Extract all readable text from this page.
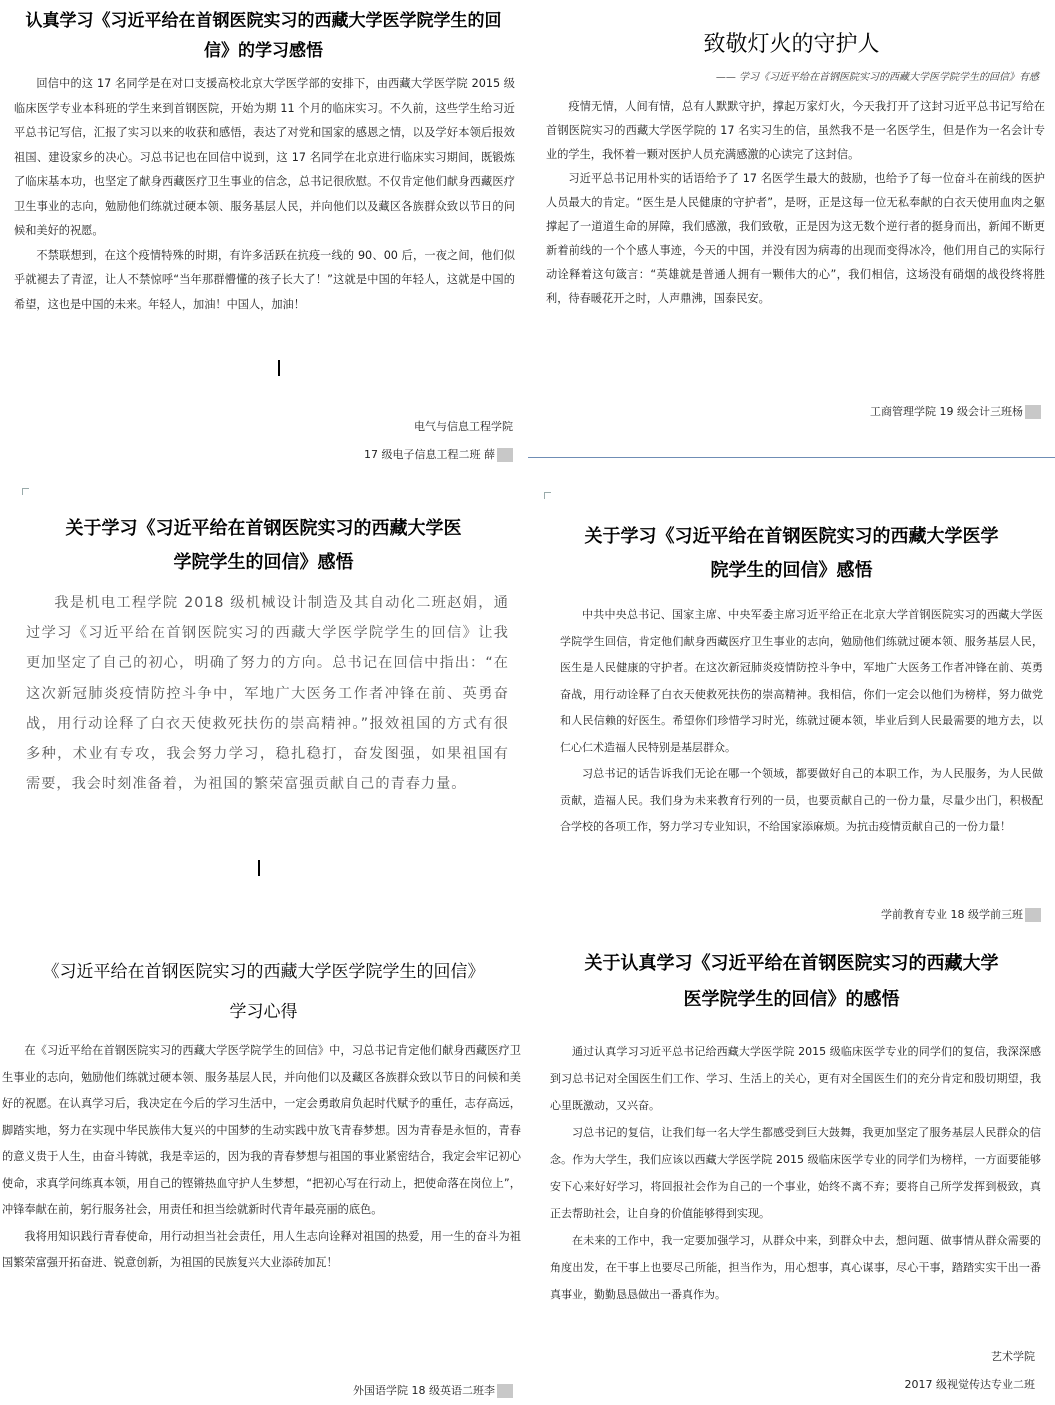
认真学习《习近平给在首钢医院实习的西藏大学医学院学生的回
信》的学习感悟

回信中的这 17 名同学是在对口支援高校北京大学医学部的安排下，由西藏大学医学院 2015 级临床医学专业本科班的学生来到首钢医院，开始为期 11 个月的临床实习。不久前，这些学生给习近平总书记写信，汇报了实习以来的收获和感悟，表达了对党和国家的感恩之情，以及学好本领后报效祖国、建设家乡的决心。习总书记也在回信中说到，这 17 名同学在北京进行临床实习期间，既锻炼了临床基本功，也坚定了献身西藏医疗卫生事业的信念，总书记很欣慰。不仅肯定他们献身西藏医疗卫生事业的志向，勉励他们练就过硬本领、服务基层人民，并向他们以及藏区各族群众致以节日的问候和美好的祝愿。

不禁联想到，在这个疫情特殊的时期，有许多活跃在抗疫一线的 90、00 后，一夜之间，他们似乎就褪去了青涩，让人不禁惊呼“当年那群懵懂的孩子长大了！”这就是中国的年轻人，这就是中国的希望，这也是中国的未来。年轻人，加油！中国人，加油！

电气与信息工程学院
17 级电子信息工程二班 薛
致敬灯火的守护人
—— 学习《习近平给在首钢医院实习的西藏大学医学院学生的回信》有感

疫情无情，人间有情，总有人默默守护，撑起万家灯火，今天我打开了这封习近平总书记写给在首钢医院实习的西藏大学医学院的 17 名实习生的信，虽然我不是一名医学生，但是作为一名会计专业的学生，我怀着一颗对医护人员充满感激的心读完了这封信。

习近平总书记用朴实的话语给予了 17 名医学生最大的鼓励，也给予了每一位奋斗在前线的医护人员最大的肯定。“医生是人民健康的守护者”，是呀，正是这每一位无私奉献的白衣天使用血肉之躯撑起了一道道生命的屏障，我们感激，我们致敬，正是因为这无数个逆行者的挺身而出，新闻不断更新着前线的一个个感人事迹，今天的中国，并没有因为病毒的出现而变得冰冷，他们用自己的实际行动诠释着这句箴言：“英雄就是普通人拥有一颗伟大的心”，我们相信，这场没有硝烟的战役终将胜利，待春暖花开之时，人声鼎沸，国泰民安。

工商管理学院 19 级会计三班杨
关于学习《习近平给在首钢医院实习的西藏大学医
学院学生的回信》感悟

我是机电工程学院 2018 级机械设计制造及其自动化二班赵娟，通过学习《习近平给在首钢医院实习的西藏大学医学院学生的回信》让我更加坚定了自己的初心，明确了努力的方向。总书记在回信中指出：“在这次新冠肺炎疫情防控斗争中，军地广大医务工作者冲锋在前、英勇奋战，用行动诠释了白衣天使救死扶伤的崇高精神。”报效祖国的方式有很多种，术业有专攻，我会努力学习，稳扎稳打，奋发图强，如果祖国有需要，我会时刻准备着，为祖国的繁荣富强贡献自己的青春力量。

关于学习《习近平给在首钢医院实习的西藏大学医学
院学生的回信》感悟

中共中央总书记、国家主席、中央军委主席习近平给正在北京大学首钢医院实习的西藏大学医学院学生回信，肯定他们献身西藏医疗卫生事业的志向，勉励他们练就过硬本领、服务基层人民，医生是人民健康的守护者。在这次新冠肺炎疫情防控斗争中，军地广大医务工作者冲锋在前、英勇奋战，用行动诠释了白衣天使救死扶伤的崇高精神。我相信，你们一定会以他们为榜样，努力做党和人民信赖的好医生。希望你们珍惜学习时光，练就过硬本领，毕业后到人民最需要的地方去，以仁心仁术造福人民特别是基层群众。

习总书记的话告诉我们无论在哪一个领域，都要做好自己的本职工作，为人民服务，为人民做贡献，造福人民。我们身为未来教育行列的一员，也要贡献自己的一份力量，尽量少出门，积极配合学校的各项工作，努力学习专业知识，不给国家添麻烦。为抗击疫情贡献自己的一份力量！

学前教育专业 18 级学前三班
《习近平给在首钢医院实习的西藏大学医学院学生的回信》
学习心得

在《习近平给在首钢医院实习的西藏大学医学院学生的回信》中，习总书记肯定他们献身西藏医疗卫生事业的志向，勉励他们练就过硬本领、服务基层人民，并向他们以及藏区各族群众致以节日的问候和美好的祝愿。在认真学习后，我决定在今后的学习生活中，一定会勇敢肩负起时代赋予的重任，志存高远，脚踏实地，努力在实现中华民族伟大复兴的中国梦的生动实践中放飞青春梦想。因为青春是永恒的，青春的意义贵于人生，由奋斗铸就，我是幸运的，因为我的青春梦想与祖国的事业紧密结合，我定会牢记初心使命，求真学问练真本领，用自己的铿锵热血守护人生梦想，“把初心写在行动上，把使命落在岗位上”，冲锋奉献在前，躬行服务社会，用责任和担当绘就新时代青年最亮丽的底色。

我将用知识践行青春使命，用行动担当社会责任，用人生志向诠释对祖国的热爱，用一生的奋斗为祖国繁荣富强开拓奋进、锐意创新，为祖国的民族复兴大业添砖加瓦！

外国语学院 18 级英语二班李
关于认真学习《习近平给在首钢医院实习的西藏大学
医学院学生的回信》的感悟

通过认真学习习近平总书记给西藏大学医学院 2015 级临床医学专业的同学们的复信，我深深感到习总书记对全国医生们工作、学习、生活上的关心，更有对全国医生们的充分肯定和殷切期望，我心里既激动，又兴奋。

习总书记的复信，让我们每一名大学生都感受到巨大鼓舞，我更加坚定了服务基层人民群众的信念。作为大学生，我们应该以西藏大学医学院 2015 级临床医学专业的同学们为榜样，一方面要能够安下心来好好学习，将回报社会作为自己的一个事业，始终不离不弃；要将自己所学发挥到极致，真正去帮助社会，让自身的价值能够得到实现。

在未来的工作中，我一定要加强学习，从群众中来，到群众中去，想问题、做事情从群众需要的角度出发，在干事上也要尽己所能，担当作为，用心想事，真心谋事，尽心干事，踏踏实实干出一番真事业，勤勤恳恳做出一番真作为。

艺术学院
2017 级视觉传达专业二班
